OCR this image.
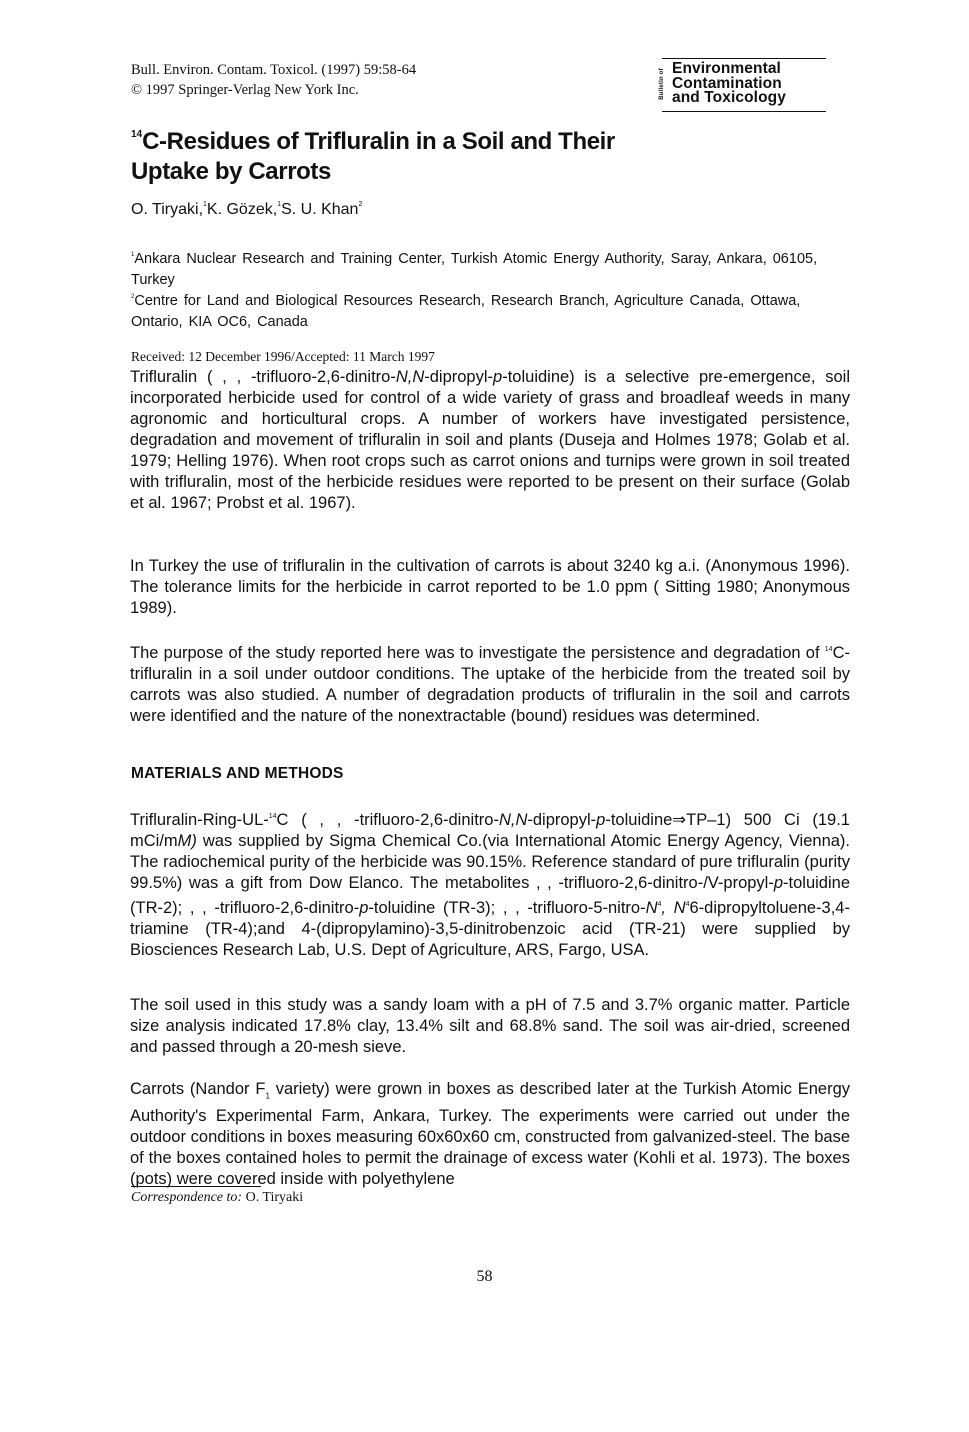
Bull. Environ. Contam. Toxicol. (1997) 59:58-64
© 1997 Springer-Verlag New York Inc.	Bulletin of Environmental
Contamination
and Toxicology
$^{14}$C-Residues of Trifluralin in a Soil and Their
Uptake by Carrots
O. Tiryaki,$^1$K. Gözek,$^1$S. U. Khan$^2$
$^1$Ankara Nuclear Research and Training Center, Turkish Atomic Energy Authority, Saray, Ankara, 06105, Turkey
$^2$Centre for Land and Biological Resources Research, Research Branch, Agriculture Canada, Ottawa, Ontario, KIA OC6, Canada
Received: 12 December 1996/Accepted: 11 March 1997
Trifluralin ( , , -trifluoro-2,6-dinitro-N,N-dipropyl-p-toluidine) is a selective pre-emergence, soil incorporated herbicide used for control of a wide variety of grass and broadleaf weeds in many agronomic and horticultural crops. A number of workers have investigated persistence, degradation and movement of trifluralin in soil and plants (Duseja and Holmes 1978; Golab et al. 1979; Helling 1976). When root crops such as carrot onions and turnips were grown in soil treated with trifluralin, most of the herbicide residues were reported to be present on their surface (Golab et al. 1967; Probst et al. 1967).
In Turkey the use of trifluralin in the cultivation of carrots is about 3240 kg a.i. (Anonymous 1996). The tolerance limits for the herbicide in carrot reported to be 1.0 ppm ( Sitting 1980; Anonymous 1989).
The purpose of the study reported here was to investigate the persistence and degradation of $^{14}$C-trifluralin in a soil under outdoor conditions. The uptake of the herbicide from the treated soil by carrots was also studied. A number of degradation products of trifluralin in the soil and carrots were identified and the nature of the nonextractable (bound) residues was determined.
MATERIALS AND METHODS
Trifluralin-Ring-UL-$^{14}$C ( , , -trifluoro-2,6-dinitro-N,N-dipropyl-p-toluidine⇒TP–1) 500 Ci (19.1 mCi/mM) was supplied by Sigma Chemical Co.(via International Atomic Energy Agency, Vienna). The radiochemical purity of the herbicide was 90.15%. Reference standard of pure trifluralin (purity 99.5%) was a gift from Dow Elanco. The metabolites , , -trifluoro-2,6-dinitro-/V-propyl-p-toluidine (TR-2); , , -trifluoro-2,6-dinitro-p-toluidine (TR-3); , , $-trifluoro-5-nitro-N^4$, $N^46-dipropyltoluene-3,4$-triamine (TR-4);and 4-(dipropylamino)-3,5-dinitrobenzoic acid (TR-21) were supplied by Biosciences Research Lab, U.S. Dept of Agriculture, ARS, Fargo, USA.
The soil used in this study was a sandy loam with a pH of 7.5 and 3.7% organic matter. Particle size analysis indicated 17.8% clay, 13.4% silt and 68.8% sand. The soil was air-dried, screened and passed through a 20-mesh sieve.
Carrots (Nandor $F_1$ variety) were grown in boxes as described later at the Turkish Atomic Energy Authority's Experimental Farm, Ankara, Turkey. The experiments were carried out under the outdoor conditions in boxes measuring 60x60x60 cm, constructed from galvanized-steel. The base of the boxes contained holes to permit the drainage of excess water (Kohli et al. 1973). The boxes (pots) were covered inside with polyethylene
Correspondence to: O. Tiryaki
58
